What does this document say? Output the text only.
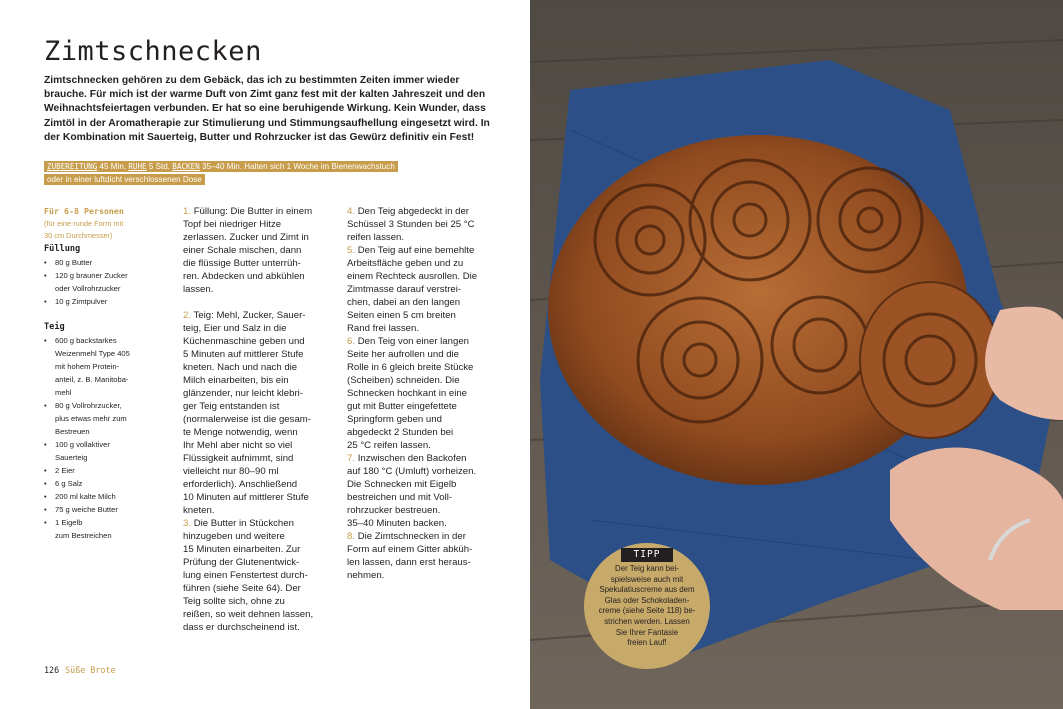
Zimtschnecken

Zimtschnecken gehören zu dem Gebäck, das ich zu bestimmten Zeiten immer wieder brauche. Für mich ist der warme Duft von Zimt ganz fest mit der kalten Jahreszeit und den Weihnachtsfeiertagen verbunden. Er hat so eine beruhigende Wirkung. Kein Wunder, dass Zimtöl in der Aromatherapie zur Stimulierung und Stimmungsaufhellung eingesetzt wird. In der Kombination mit Sauerteig, Butter und Rohrzucker ist das Gewürz definitiv ein Fest!

ZUBEREITUNG 45 Min. RUHE 5 Std. BACKEN 35–40 Min. Halten sich 1 Woche im Bienenwachstuch
oder in einer luftdicht verschlossenen Dose
Für 6-8 Personen
(für eine runde Form mit
30 cm Durchmesser)
Füllung
• 80 g Butter
• 120 g brauner Zucker
oder Vollrohrzucker
• 10 g Zimtpulver
Teig
• 600 g backstarkes
Weizenmehl Type 405
mit hohem Protein-
anteil, z. B. Manitoba-
mehl
• 80 g Vollrohrzucker,
plus etwas mehr zum
Bestreuen
• 100 g vollaktiver
Sauerteig
• 2 Eier
• 6 g Salz
• 200 ml kalte Milch
• 75 g weiche Butter
• 1 Eigelb
zum Bestreichen

1. Füllung: Die Butter in einem
Topf bei niedriger Hitze
zerlassen. Zucker und Zimt in
einer Schale mischen, dann
die flüssige Butter unterrüh-
ren. Abdecken und abkühlen
lassen.

2. Teig: Mehl, Zucker, Sauer-
teig, Eier und Salz in die
Küchenmaschine geben und
5 Minuten auf mittlerer Stufe
kneten. Nach und nach die
Milch einarbeiten, bis ein
glänzender, nur leicht klebri-
ger Teig entstanden ist
(normalerweise ist die gesam-
te Menge notwendig, wenn
Ihr Mehl aber nicht so viel
Flüssigkeit aufnimmt, sind
vielleicht nur 80–90 ml
erforderlich). Anschließend
10 Minuten auf mittlerer Stufe
kneten.

3. Die Butter in Stückchen
hinzugeben und weitere
15 Minuten einarbeiten. Zur
Prüfung der Glutenentwick-
lung einen Fenstertest durch-
führen (siehe Seite 64). Der
Teig sollte sich, ohne zu
reißen, so weit dehnen lassen,
dass er durchscheinend ist.

4. Den Teig abgedeckt in der
Schüssel 3 Stunden bei 25 °C
reifen lassen.

5. Den Teig auf eine bemehlte
Arbeitsfläche geben und zu
einem Rechteck ausrollen. Die
Zimtmasse darauf verstrei-
chen, dabei an den langen
Seiten einen 5 cm breiten
Rand frei lassen.

6. Den Teig von einer langen
Seite her aufrollen und die
Rolle in 6 gleich breite Stücke
(Scheiben) schneiden. Die
Schnecken hochkant in eine
gut mit Butter eingefettete
Springform geben und
abgedeckt 2 Stunden bei
25 °C reifen lassen.

7. Inzwischen den Backofen
auf 180 °C (Umluft) vorheizen.
Die Schnecken mit Eigelb
bestreichen und mit Voll-
rohrzucker bestreuen.
35–40 Minuten backen.

8. Die Zimtschnecken in der
Form auf einem Gitter abküh-
len lassen, dann erst heraus-
nehmen.

126 Süße Brote
TIPP
Der Teig kann bei-
spielsweise auch mit
Spekulatiuscreme aus dem
Glas oder Schokoladen-
creme (siehe Seite 118) be-
strichen werden. Lassen
Sie Ihrer Fantasie
freien Lauf!
